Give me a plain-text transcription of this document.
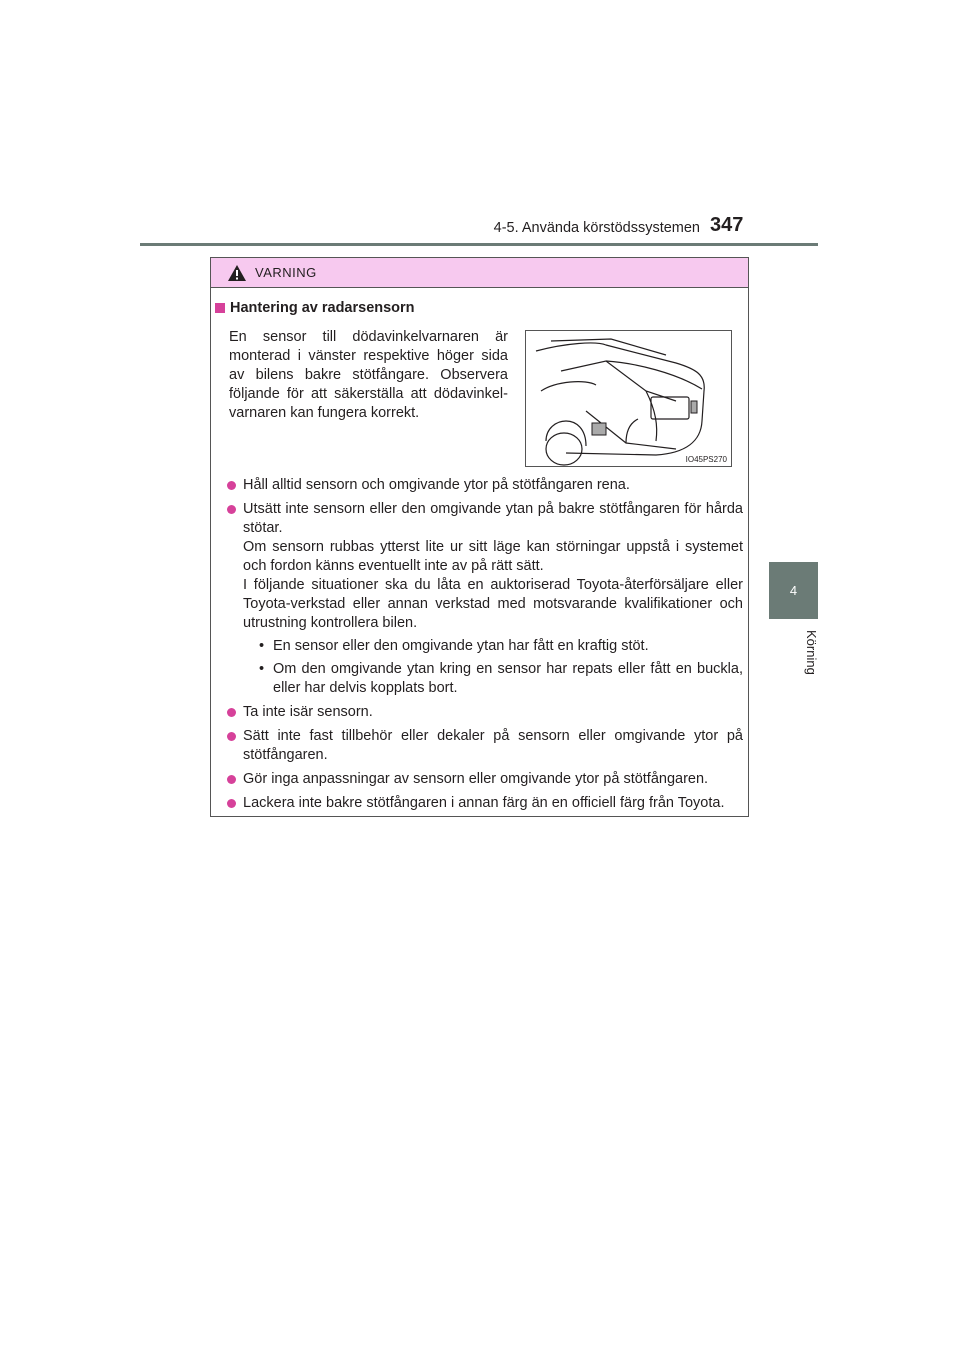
4-5. Använda körstödssystemen 347
4
Körning
VARNING
Hantering av radarsensorn
En sensor till dödavinkelvarnaren är monterad i vänster respektive höger sida av bilens bakre stötfångare. Observera följande för att säkerställa att dödavinkel-varnaren kan fungera korrekt.
IO45PS270

Håll alltid sensorn och omgivande ytor på stötfångaren rena.

Utsätt inte sensorn eller den omgivande ytan på bakre stötfångaren för hårda stötar.

Om sensorn rubbas ytterst lite ur sitt läge kan störningar uppstå i systemet och fordon känns eventuellt inte av på rätt sätt.

I följande situationer ska du låta en auktoriserad Toyota-återförsäljare eller Toyota-verkstad eller annan verkstad med motsvarande kvalifikationer och utrustning kontrollera bilen.

• En sensor eller den omgivande ytan har fått en kraftig stöt.
• Om den omgivande ytan kring en sensor har repats eller fått en buckla, eller har delvis kopplats bort.

Ta inte isär sensorn.

Sätt inte fast tillbehör eller dekaler på sensorn eller omgivande ytor på stötfångaren.

Gör inga anpassningar av sensorn eller omgivande ytor på stötfångaren.

Lackera inte bakre stötfångaren i annan färg än en officiell färg från Toyota.
